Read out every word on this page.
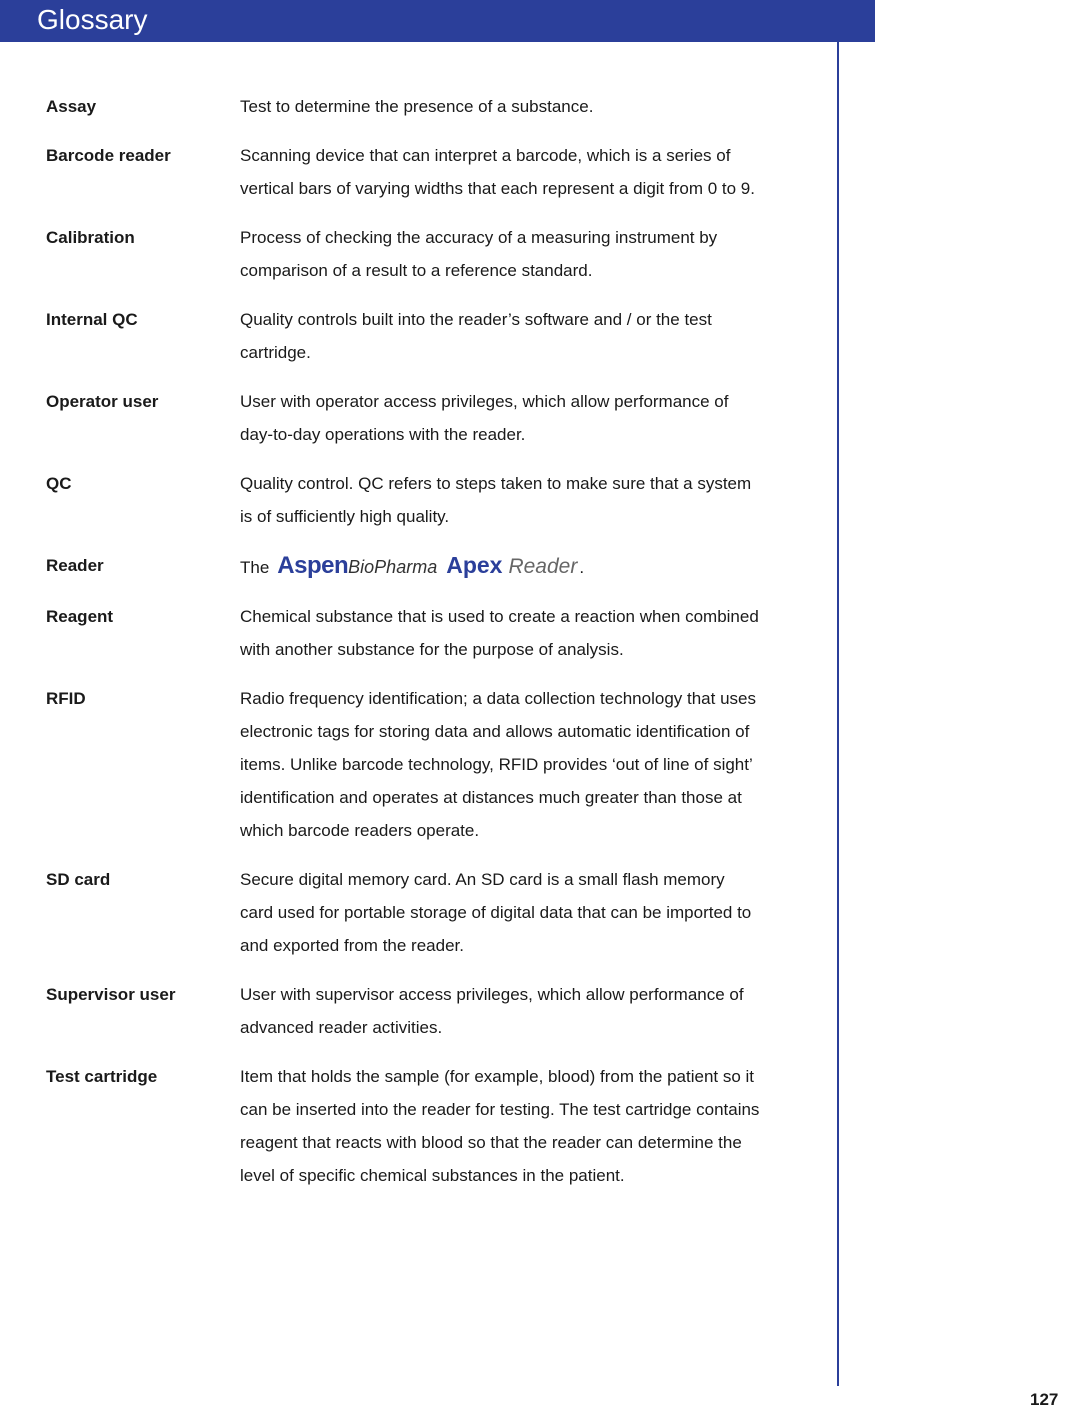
Glossary
Assay	Test to determine the presence of a substance.
Barcode reader	Scanning device that can interpret a barcode, which is a series of vertical bars of varying widths that each represent a digit from 0 to 9.
Calibration	Process of checking the accuracy of a measuring instrument by comparison of a result to a reference standard.
Internal QC	Quality controls built into the reader’s software and / or the test cartridge.
Operator user	User with operator access privileges, which allow performance of day-to-day operations with the reader.
QC	Quality control. QC refers to steps taken to make sure that a system is of sufficiently high quality.
Reader	The Aspen BioPharma Apex Reader .
Reagent	Chemical substance that is used to create a reaction when combined with another substance for the purpose of analysis.
RFID	Radio frequency identification; a data collection technology that uses electronic tags for storing data and allows automatic identification of items. Unlike barcode technology, RFID provides ‘out of line of sight’ identification and operates at distances much greater than those at which barcode readers operate.
SD card	Secure digital memory card. An SD card is a small flash memory card used for portable storage of digital data that can be imported to and exported from the reader.
Supervisor user	User with supervisor access privileges, which allow performance of advanced reader activities.
Test cartridge	Item that holds the sample (for example, blood) from the patient so it can be inserted into the reader for testing. The test cartridge contains reagent that reacts with blood so that the reader can determine the level of specific chemical substances in the patient.
127
